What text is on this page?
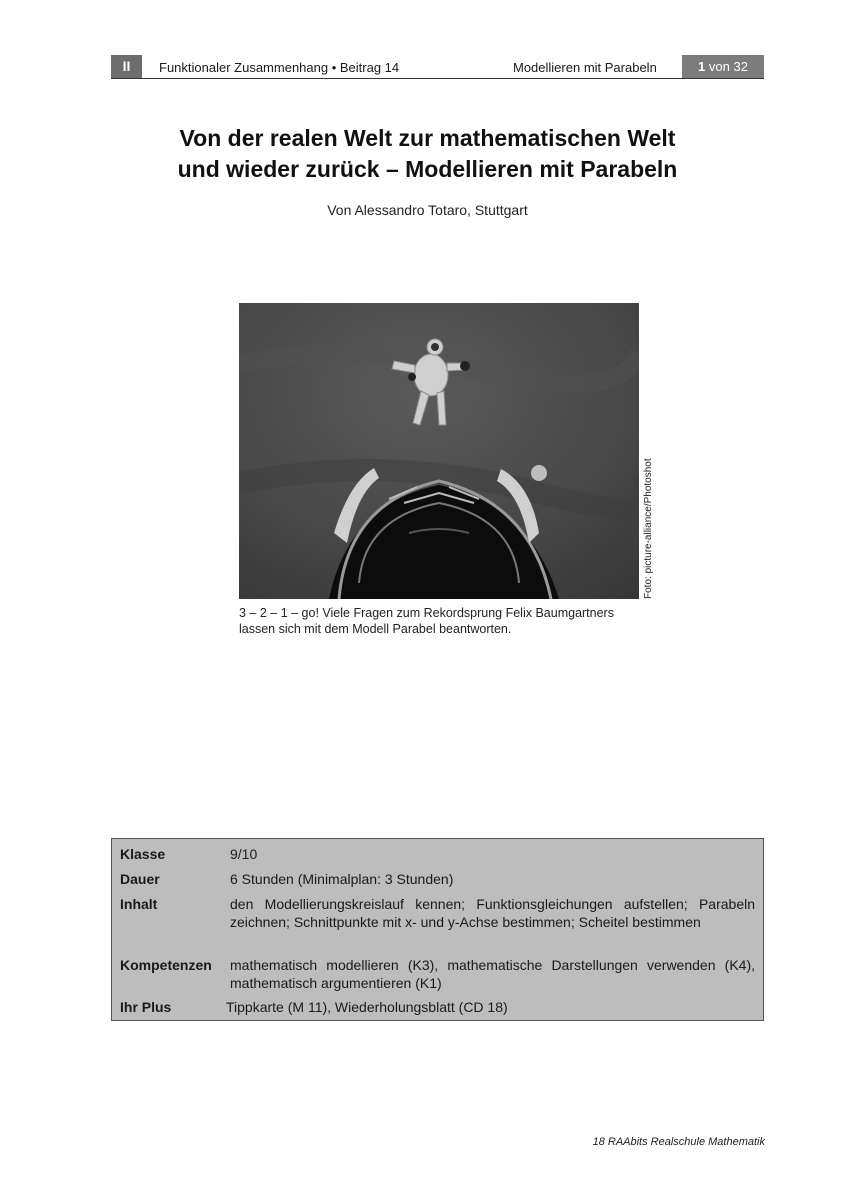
II	Funktionaler Zusammenhang • Beitrag 14	Modellieren mit Parabeln	1 von 32
Von der realen Welt zur mathematischen Welt
und wieder zurück – Modellieren mit Parabeln
Von Alessandro Totaro, Stuttgart
Foto: picture-alliance/Photoshot
3 – 2 – 1 – go! Viele Fragen zum Rekordsprung Felix Baumgartners
lassen sich mit dem Modell Parabel beantworten.
Klasse	9/10
Dauer	6 Stunden (Minimalplan: 3 Stunden)
Inhalt	den Modellierungskreislauf kennen; Funktionsgleichungen aufstellen; Parabeln zeichnen; Schnittpunkte mit x- und y-Achse bestimmen; Scheitel bestimmen
Kompetenzen mathematisch modellieren (K3), mathematische Darstellungen verwenden (K4), mathematisch argumentieren (K1)
Ihr Plus	Tippkarte (M 11), Wiederholungsblatt (CD 18)
18 RAAbits Realschule Mathematik
